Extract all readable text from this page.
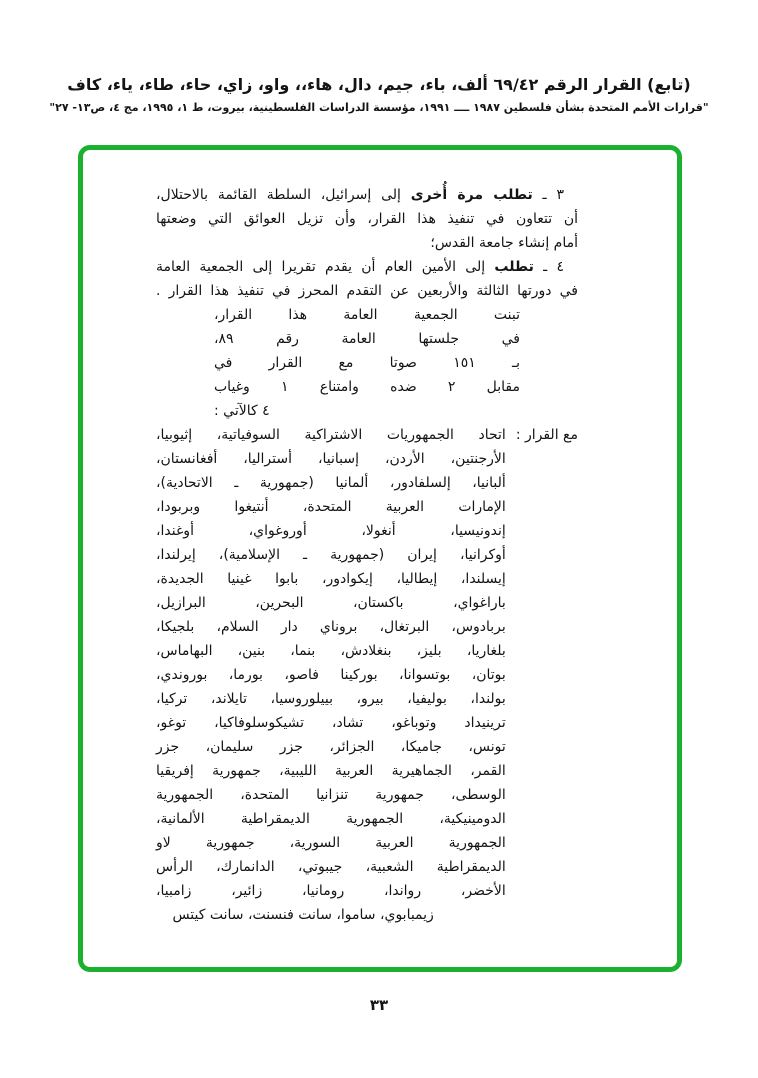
(تابع) القرار الرقم ٦٩/٤٢ ألف، باء، جيم، دال، هاء،، واو، زاي، حاء، طاء، ياء، كاف
"قرارات الأمم المتحدة بشأن فلسطين ١٩٨٧ ــــ ١٩٩١، مؤسسة الدراسات الفلسطينية، بيروت، ط ١، ١٩٩٥، مج ٤، ص١٣- ٢٧"

٣ ـ تطلب مرة أُخرى إلى إسرائيل، السلطة القائمة بالاحتلال،

أن تتعاون في تنفيذ هذا القرار، وأن تزيل العوائق التي وضعتها

أمام إنشاء جامعة القدس؛

٤ ـ تطلب إلى الأمين العام أن يقدم تقريرا إلى الجمعية العامة

في دورتها الثالثة والأربعين عن التقدم المحرز في تنفيذ هذا القرار .

تبنت الجمعية العامة هذا القرار،

في جلستها العامة رقم ٨٩،

بـ ١٥١ صوتا مع القرار في

مقابل ٢ ضده وامتناع ١ وغياب

٤ كالآتي :

مع القرار :

اتحاد الجمهوريات الاشتراكية السوفياتية، إثيوبيا،

الأرجنتين، الأردن، إسبانيا، أستراليا، أفغانستان،

ألبانيا، إلسلفادور، ألمانيا (جمهورية ـ الاتحادية)،

الإمارات العربية المتحدة، أنتيغوا وبربودا،

إندونيسيا، أنغولا، أوروغواي، أوغندا،

أوكرانيا، إيران (جمهورية ـ الإسلامية)، إيرلندا،

إيسلندا، إيطاليا، إيكوادور، بابوا غينيا الجديدة،

باراغواي، باكستان، البحرين، البرازيل،

بربادوس، البرتغال، بروناي دار السلام، بلجيكا،

بلغاريا، بليز، بنغلادش، بنما، بنين، البهاماس،

بوتان، بوتسوانا، بوركينا فاصو، بورما، بوروندي،

بولندا، بوليفيا، بيرو، بييلوروسيا، تايلاند، تركيا،

ترينيداد وتوباغو، تشاد، تشيكوسلوفاكيا، توغو،

تونس، جاميكا، الجزائر، جزر سليمان، جزر

القمر، الجماهيرية العربية الليبية، جمهورية إفريقيا

الوسطى، جمهورية تنزانيا المتحدة، الجمهورية

الدومينيكية، الجمهورية الديمقراطية الألمانية،

الجمهورية العربية السورية، جمهورية لاو

الديمقراطية الشعبية، جيبوتي، الدانمارك، الرأس

الأخضر، رواندا، رومانيا، زائير، زامبيا،

زيمبابوي، ساموا، سانت فنسنت، سانت كيتس

٣٣
